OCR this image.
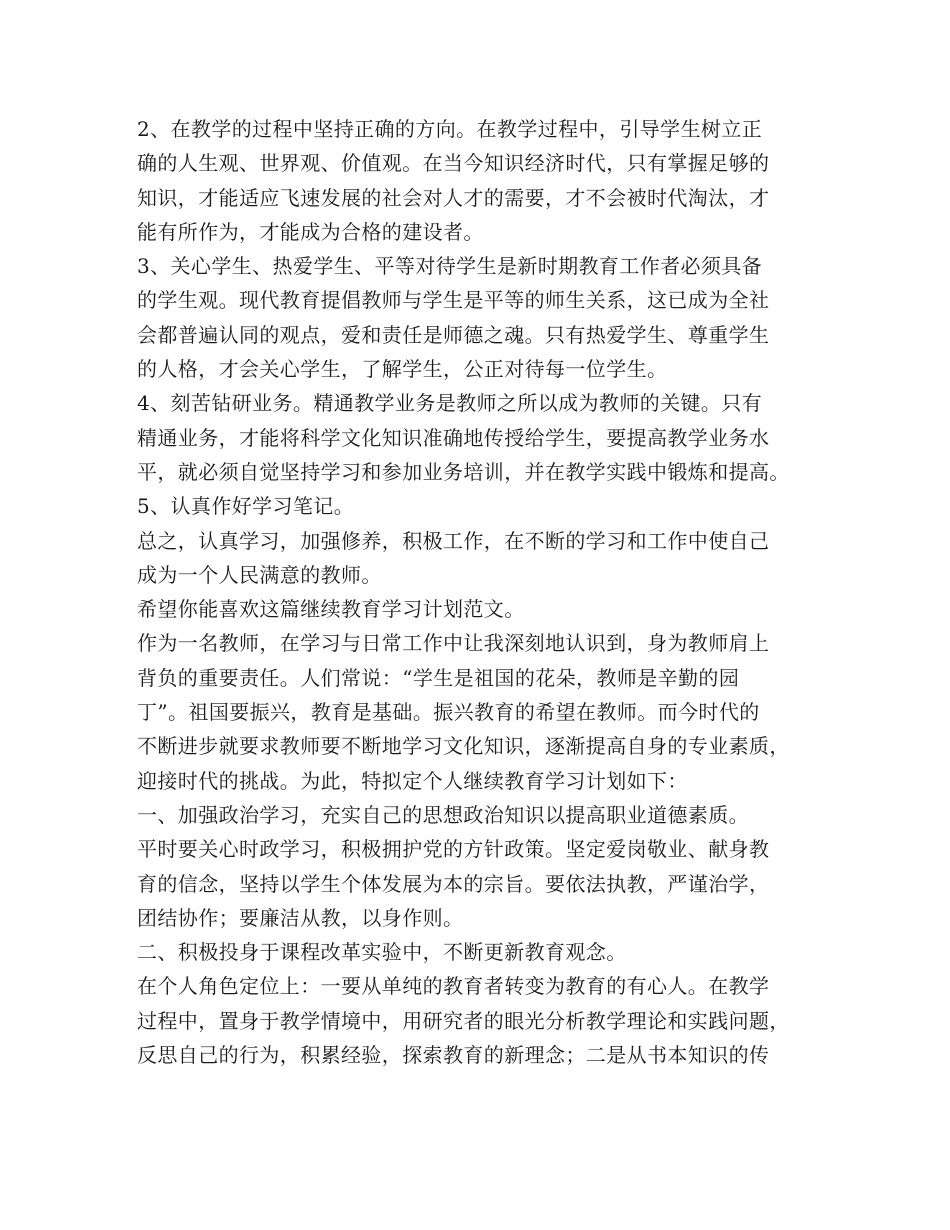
2、在教学的过程中坚持正确的方向。在教学过程中，引导学生树立正
确的人生观、世界观、价值观。在当今知识经济时代，只有掌握足够的
知识，才能适应飞速发展的社会对人才的需要，才不会被时代淘汰，才
能有所作为，才能成为合格的建设者。
3、关心学生、热爱学生、平等对待学生是新时期教育工作者必须具备
的学生观。现代教育提倡教师与学生是平等的师生关系，这已成为全社
会都普遍认同的观点，爱和责任是师德之魂。只有热爱学生、尊重学生
的人格，才会关心学生，了解学生，公正对待每一位学生。
4、刻苦钻研业务。精通教学业务是教师之所以成为教师的关键。只有
精通业务，才能将科学文化知识准确地传授给学生，要提高教学业务水
平，就必须自觉坚持学习和参加业务培训，并在教学实践中锻炼和提高。
5、认真作好学习笔记。
总之，认真学习，加强修养，积极工作，在不断的学习和工作中使自己
成为一个人民满意的教师。
希望你能喜欢这篇继续教育学习计划范文。
作为一名教师，在学习与日常工作中让我深刻地认识到，身为教师肩上
背负的重要责任。人们常说：“学生是祖国的花朵，教师是辛勤的园
丁”。祖国要振兴，教育是基础。振兴教育的希望在教师。而今时代的
不断进步就要求教师要不断地学习文化知识，逐渐提高自身的专业素质，
迎接时代的挑战。为此，特拟定个人继续教育学习计划如下：
一、加强政治学习，充实自己的思想政治知识以提高职业道德素质。
平时要关心时政学习，积极拥护党的方针政策。坚定爱岗敬业、献身教
育的信念，坚持以学生个体发展为本的宗旨。要依法执教，严谨治学，
团结协作；要廉洁从教，以身作则。
二、积极投身于课程改革实验中，不断更新教育观念。
在个人角色定位上：一要从单纯的教育者转变为教育的有心人。在教学
过程中，置身于教学情境中，用研究者的眼光分析教学理论和实践问题，
反思自己的行为，积累经验，探索教育的新理念；二是从书本知识的传
